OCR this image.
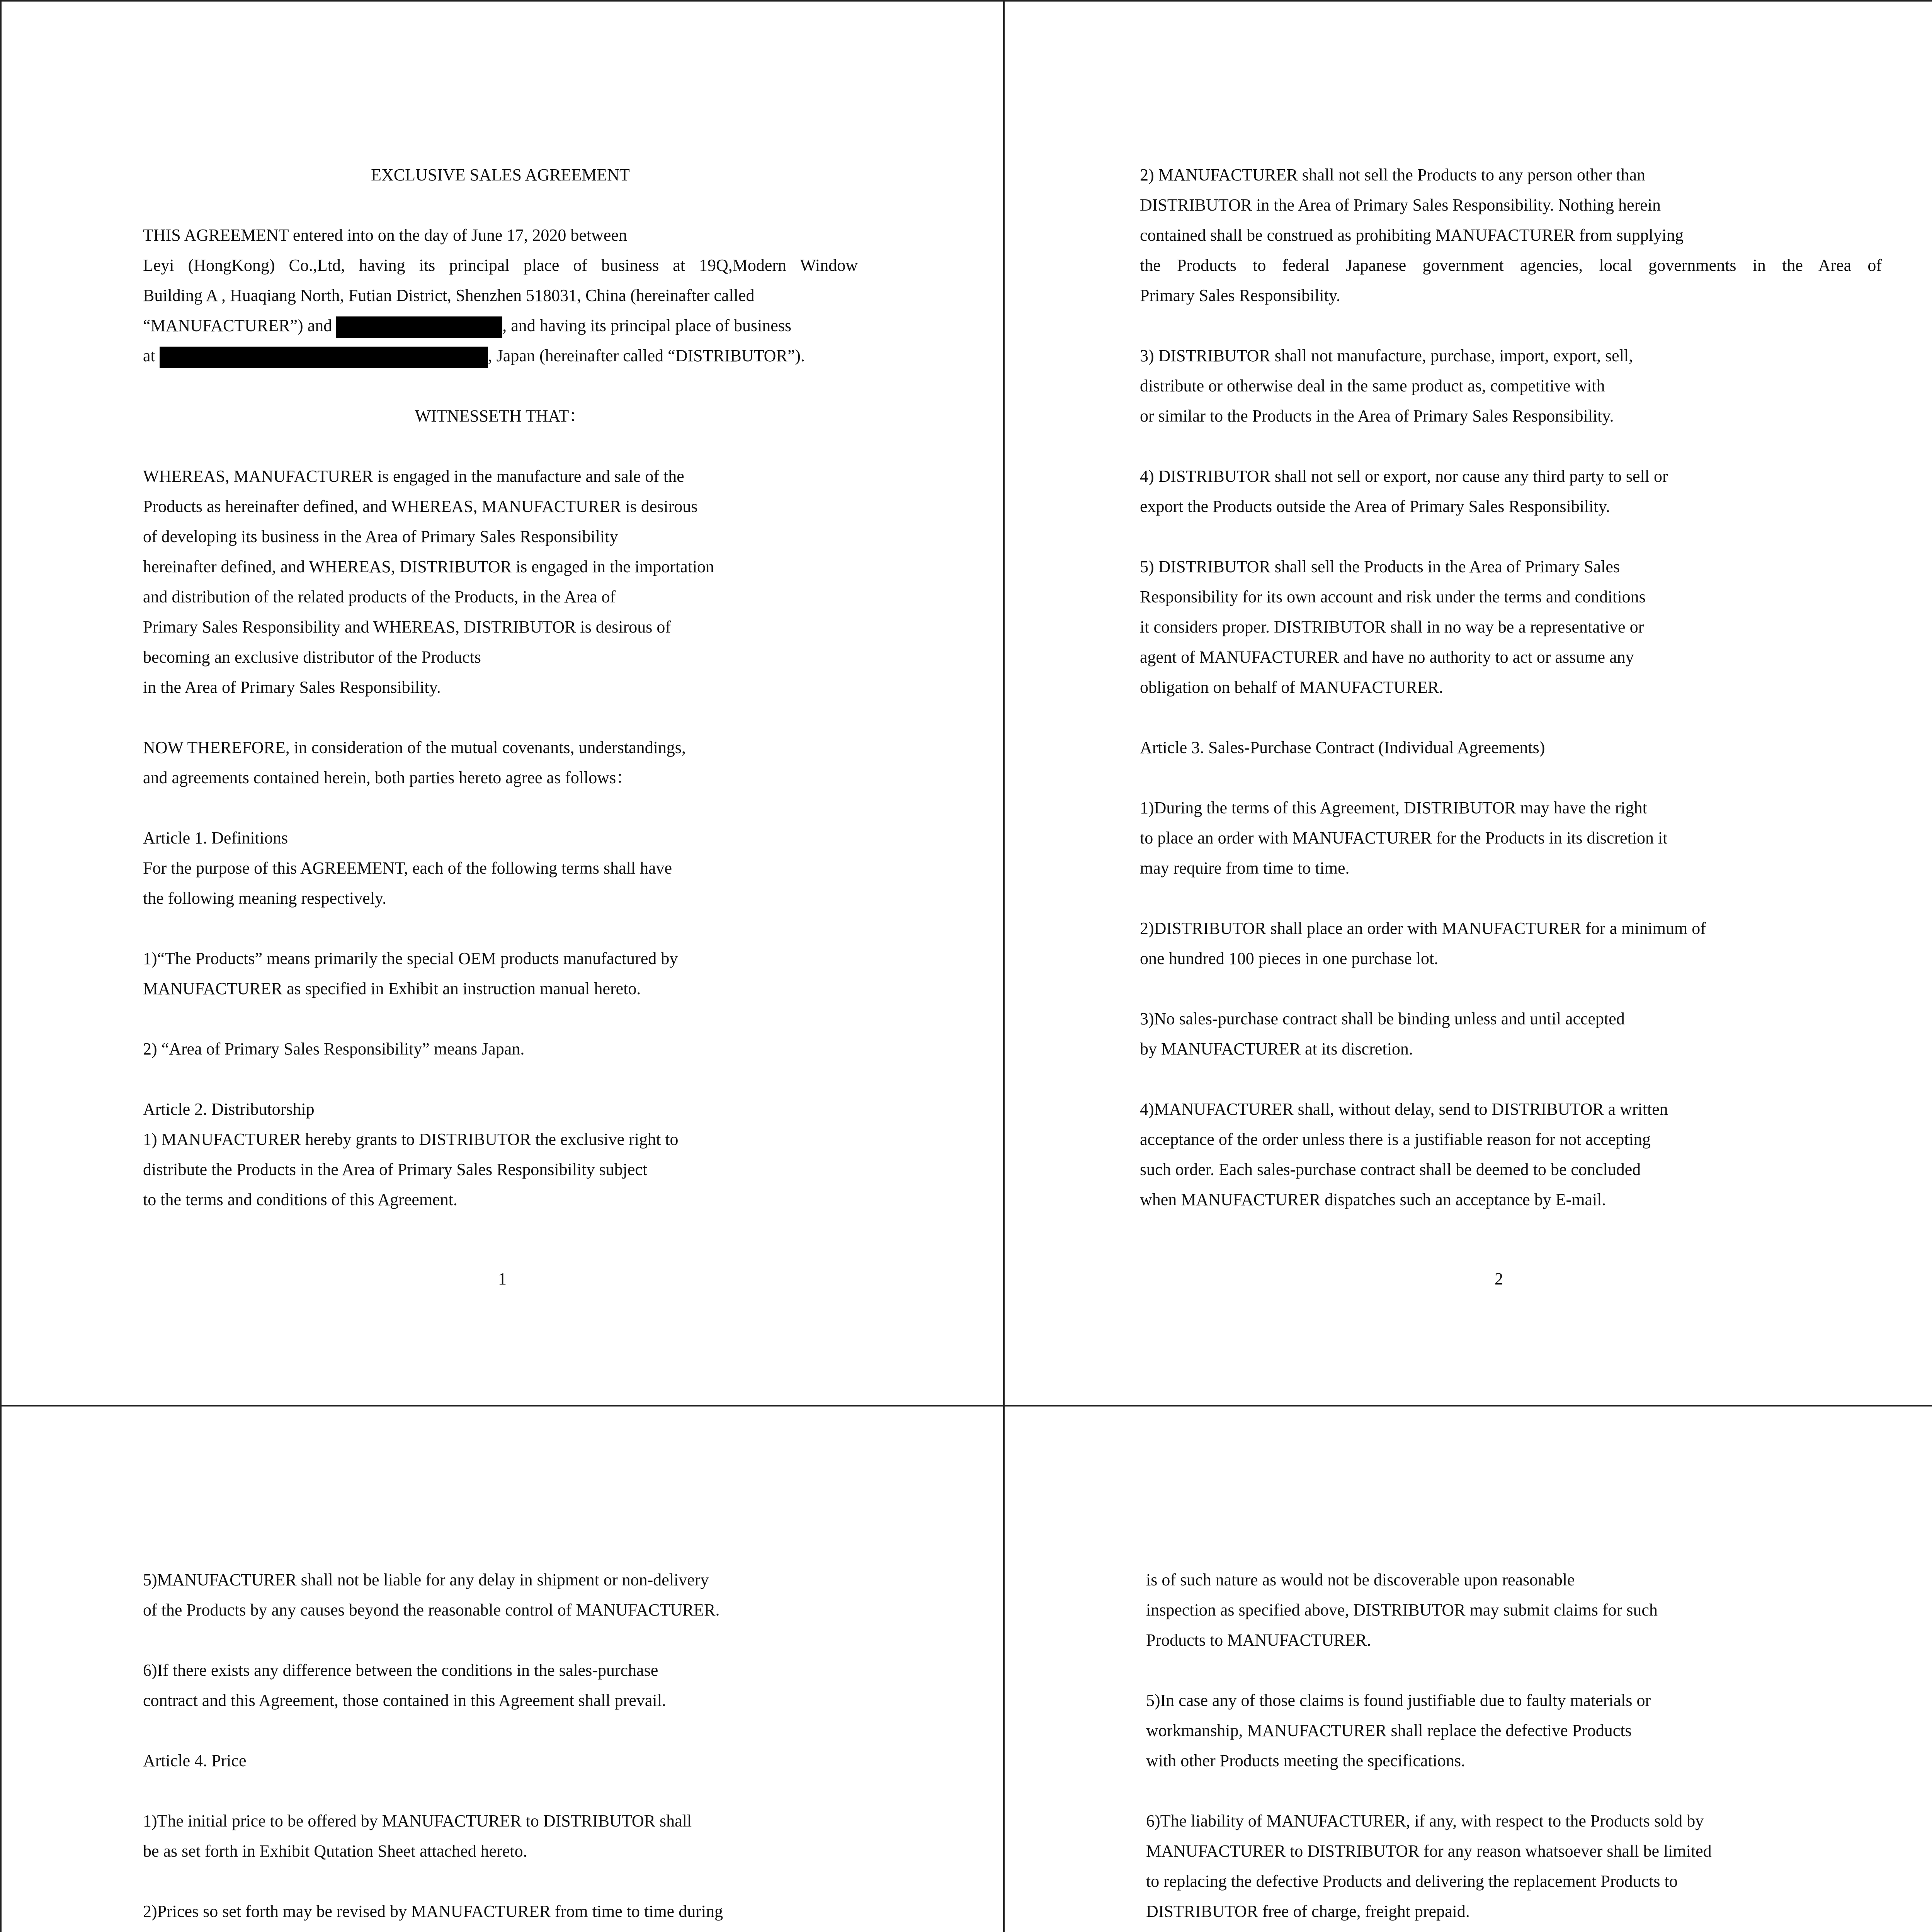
EXCLUSIVE SALES AGREEMENT
THIS AGREEMENT entered into on the day of June 17, 2020 between
Leyi (HongKong) Co.,Ltd, having its principal place of business at 19Q,Modern Window
Building A , Huaqiang North, Futian District, Shenzhen 518031, China (hereinafter called
“MANUFACTURER”) and	, and having its principal place of business
at	, Japan (hereinafter called “DISTRIBUTOR”).
WITNESSETH THAT：
WHEREAS, MANUFACTURER is engaged in the manufacture and sale of the
Products as hereinafter defined, and WHEREAS, MANUFACTURER is desirous
of developing its business in the Area of Primary Sales Responsibility
hereinafter defined, and WHEREAS, DISTRIBUTOR is engaged in the importation
and distribution of the related products of the Products, in the Area of
Primary Sales Responsibility and WHEREAS, DISTRIBUTOR is desirous of
becoming an exclusive distributor of the Products
in the Area of Primary Sales Responsibility.
NOW THEREFORE, in consideration of the mutual covenants, understandings,
and agreements contained herein, both parties hereto agree as follows：
Article 1. Definitions
For the purpose of this AGREEMENT, each of the following terms shall have
the following meaning respectively.
1)“The Products” means primarily the special OEM products manufactured by
MANUFACTURER as specified in Exhibit an instruction manual hereto.
2) “Area of Primary Sales Responsibility” means Japan.
Article 2. Distributorship
1) MANUFACTURER hereby grants to DISTRIBUTOR the exclusive right to
distribute the Products in the Area of Primary Sales Responsibility subject
to the terms and conditions of this Agreement.
1
2) MANUFACTURER shall not sell the Products to any person other than
DISTRIBUTOR in the Area of Primary Sales Responsibility. Nothing herein
contained shall be construed as prohibiting MANUFACTURER from supplying
the Products to federal Japanese government agencies, local governments in the Area of
Primary Sales Responsibility.
3) DISTRIBUTOR shall not manufacture, purchase, import, export, sell,
distribute or otherwise deal in the same product as, competitive with
or similar to the Products in the Area of Primary Sales Responsibility.
4) DISTRIBUTOR shall not sell or export, nor cause any third party to sell or
export the Products outside the Area of Primary Sales Responsibility.
5) DISTRIBUTOR shall sell the Products in the Area of Primary Sales
Responsibility for its own account and risk under the terms and conditions
it considers proper. DISTRIBUTOR shall in no way be a representative or
agent of MANUFACTURER and have no authority to act or assume any
obligation on behalf of MANUFACTURER.
Article 3. Sales-Purchase Contract (Individual Agreements)
1)During the terms of this Agreement, DISTRIBUTOR may have the right
to place an order with MANUFACTURER for the Products in its discretion it
may require from time to time.
2)DISTRIBUTOR shall place an order with MANUFACTURER for a minimum of
one hundred 100 pieces in one purchase lot.
3)No sales-purchase contract shall be binding unless and until accepted
by MANUFACTURER at its discretion.
4)MANUFACTURER shall, without delay, send to DISTRIBUTOR a written
acceptance of the order unless there is a justifiable reason for not accepting
such order. Each sales-purchase contract shall be deemed to be concluded
when MANUFACTURER dispatches such an acceptance by E-mail.
2
5)MANUFACTURER shall not be liable for any delay in shipment or non-delivery
of the Products by any causes beyond the reasonable control of MANUFACTURER.
6)If there exists any difference between the conditions in the sales-purchase
contract and this Agreement, those contained in this Agreement shall prevail.
Article 4. Price
1)The initial price to be offered by MANUFACTURER to DISTRIBUTOR shall
be as set forth in Exhibit Qutation Sheet attached hereto.
2)Prices so set forth may be revised by MANUFACTURER from time to time during
is of such nature as would not be discoverable upon reasonable
inspection as specified above, DISTRIBUTOR may submit claims for such
Products to MANUFACTURER.
5)In case any of those claims is found justifiable due to faulty materials or
workmanship, MANUFACTURER shall replace the defective Products
with other Products meeting the specifications.
6)The liability of MANUFACTURER, if any, with respect to the Products sold by
MANUFACTURER to DISTRIBUTOR for any reason whatsoever shall be limited
to replacing the defective Products and delivering the replacement Products to
DISTRIBUTOR free of charge, freight prepaid.
